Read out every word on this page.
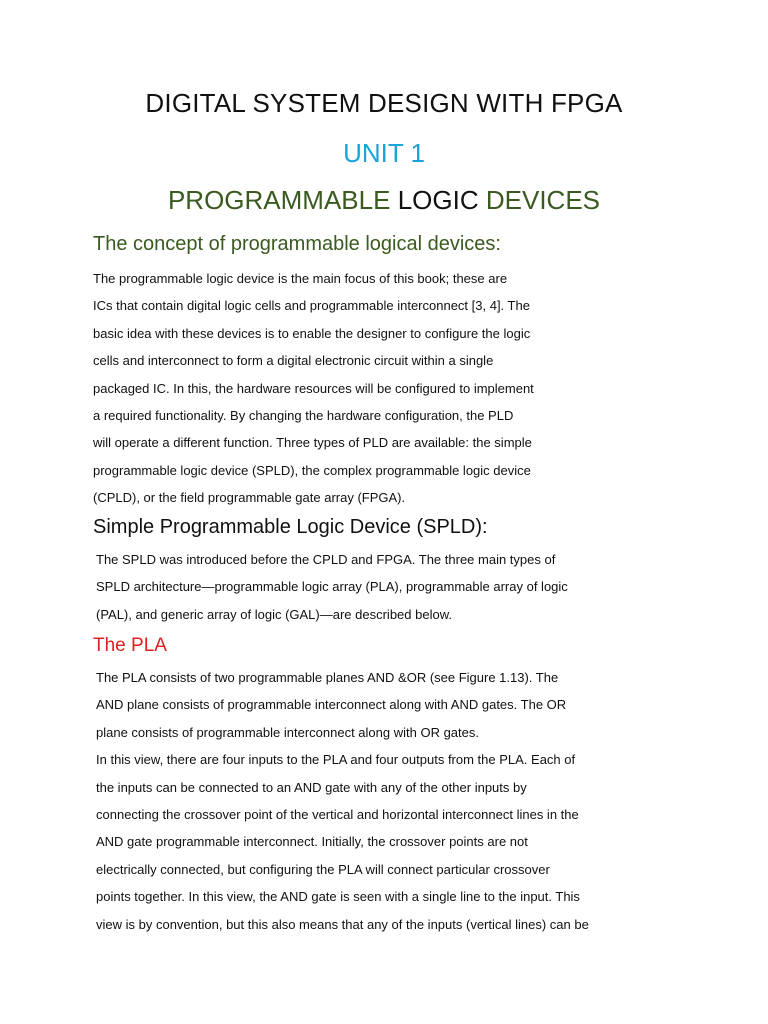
DIGITAL SYSTEM DESIGN WITH FPGA
UNIT 1
PROGRAMMABLE LOGIC DEVICES
The concept of programmable logical devices:
The programmable logic device is the main focus of this book; these are
ICs that contain digital logic cells and programmable interconnect [3, 4]. The
basic idea with these devices is to enable the designer to configure the logic
cells and interconnect to form a digital electronic circuit within a single
packaged IC. In this, the hardware resources will be configured to implement
a required functionality. By changing the hardware configuration, the PLD
will operate a different function. Three types of PLD are available: the simple
programmable logic device (SPLD), the complex programmable logic device
(CPLD), or the field programmable gate array (FPGA).
Simple Programmable Logic Device (SPLD):
The SPLD was introduced before the CPLD and FPGA. The three main types of
SPLD architecture—programmable logic array (PLA), programmable array of logic
(PAL), and generic array of logic (GAL)—are described below.
The PLA
The PLA consists of two programmable planes AND &OR (see Figure 1.13). The
AND plane consists of programmable interconnect along with AND gates. The OR
plane consists of programmable interconnect along with OR gates.
In this view, there are four inputs to the PLA and four outputs from the PLA. Each of
the inputs can be connected to an AND gate with any of the other inputs by
connecting the crossover point of the vertical and horizontal interconnect lines in the
AND gate programmable interconnect. Initially, the crossover points are not
electrically connected, but configuring the PLA will connect particular crossover
points together. In this view, the AND gate is seen with a single line to the input. This
view is by convention, but this also means that any of the inputs (vertical lines) can be
